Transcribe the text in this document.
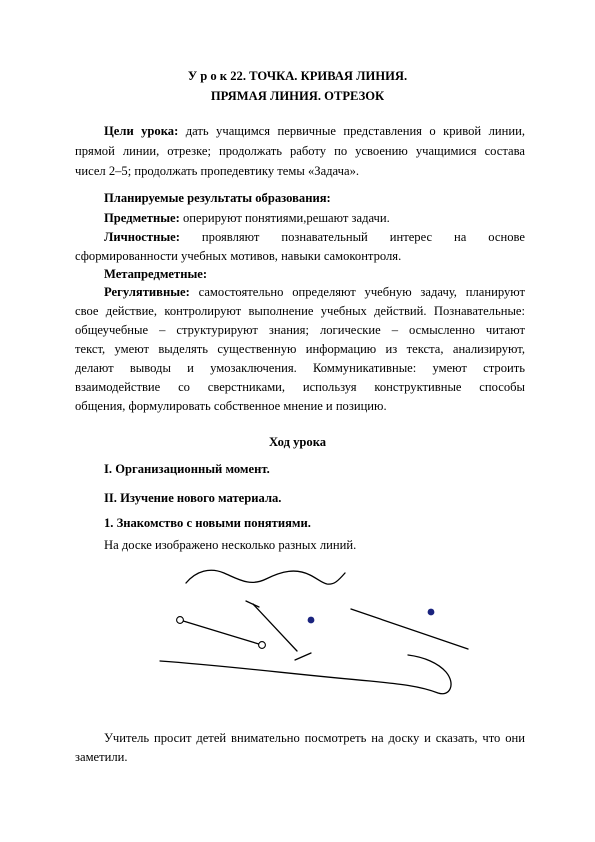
У р о к 22. ТОЧКА. КРИВАЯ ЛИНИЯ.
ПРЯМАЯ ЛИНИЯ. ОТРЕЗОК
Цели урока: дать учащимся первичные представления о кривой линии,
прямой линии, отрезке; продолжать работу по усвоению учащимися состава
чисел 2–5; продолжать пропедевтику темы «Задача».
Планируемые результаты образования:
Предметные: оперируют понятиями,решают задачи.
Личностные: проявляют познавательный интерес на основе
сформированности учебных мотивов, навыки самоконтроля.
Метапредметные:
Регулятивные: самостоятельно определяют учебную задачу, планируют
свое действие, контролируют выполнение учебных действий. Познавательные:
общеучебные – структурируют знания; логические – осмысленно читают
текст, умеют выделять существенную информацию из текста, анализируют,
делают выводы и умозаключения. Коммуникативные: умеют строить
взаимодействие со сверстниками, используя конструктивные способы
общения, формулировать собственное мнение и позицию.
Ход урока
I. Организационный момент.
II. Изучение нового материала.
1. Знакомство с новыми понятиями.
На доске изображено несколько разных линий.
Учитель просит детей внимательно посмотреть на доску и сказать, что они
заметили.
